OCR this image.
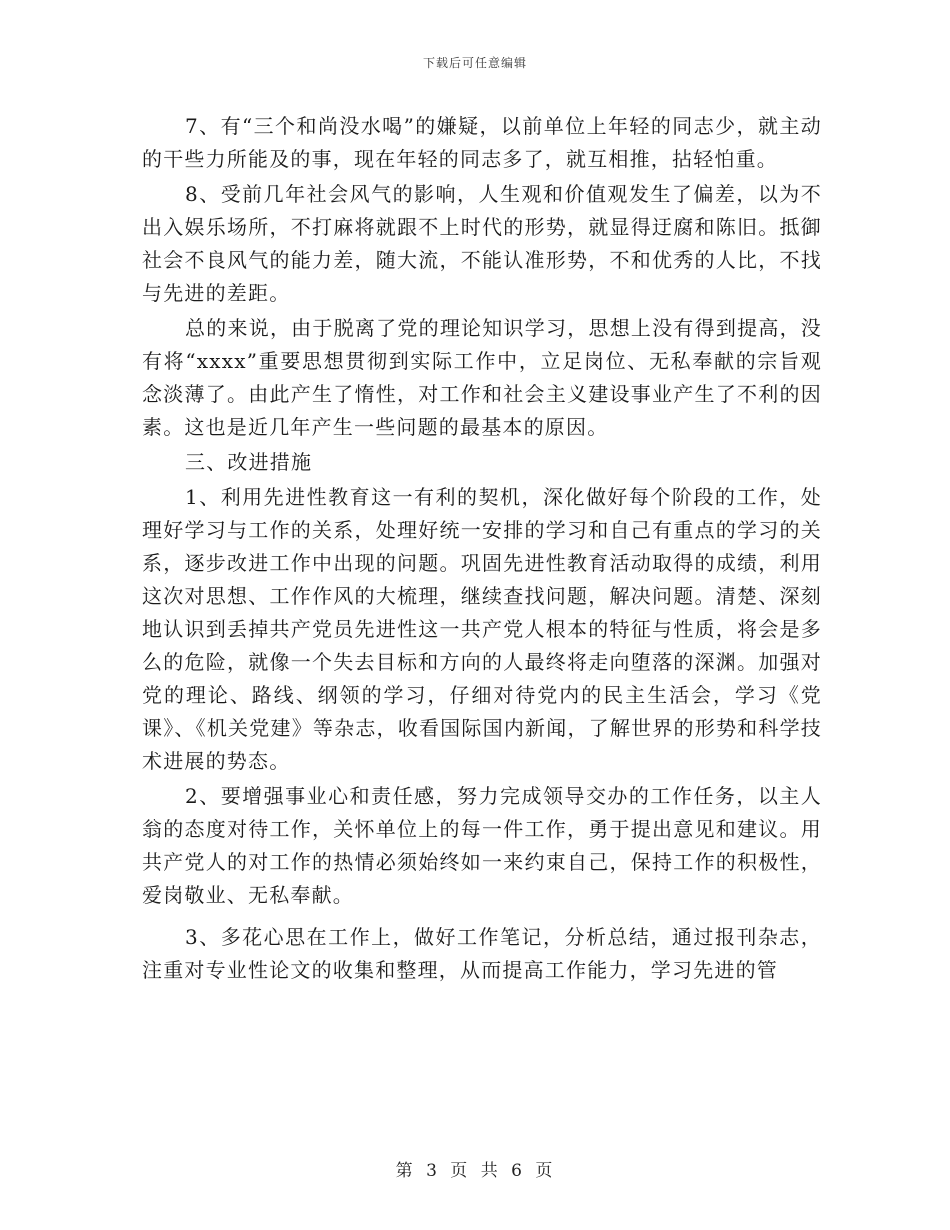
下载后可任意编辑

7、有“三个和尚没水喝”的嫌疑，以前单位上年轻的同志少，就主动的干些力所能及的事，现在年轻的同志多了，就互相推，拈轻怕重。

8、受前几年社会风气的影响，人生观和价值观发生了偏差，以为不出入娱乐场所，不打麻将就跟不上时代的形势，就显得迂腐和陈旧。抵御社会不良风气的能力差，随大流，不能认准形势，不和优秀的人比，不找与先进的差距。

总的来说，由于脱离了党的理论知识学习，思想上没有得到提高，没有将“xxxx”重要思想贯彻到实际工作中，立足岗位、无私奉献的宗旨观念淡薄了。由此产生了惰性，对工作和社会主义建设事业产生了不利的因素。这也是近几年产生一些问题的最基本的原因。

三、改进措施

1、利用先进性教育这一有利的契机，深化做好每个阶段的工作，处理好学习与工作的关系，处理好统一安排的学习和自己有重点的学习的关系，逐步改进工作中出现的问题。巩固先进性教育活动取得的成绩，利用这次对思想、工作作风的大梳理，继续查找问题，解决问题。清楚、深刻地认识到丢掉共产党员先进性这一共产党人根本的特征与性质，将会是多么的危险，就像一个失去目标和方向的人最终将走向堕落的深渊。加强对党的理论、路线、纲领的学习，仔细对待党内的民主生活会，学习《党课》、《机关党建》等杂志，收看国际国内新闻，了解世界的形势和科学技术进展的势态。

2、要增强事业心和责任感，努力完成领导交办的工作任务，以主人翁的态度对待工作，关怀单位上的每一件工作，勇于提出意见和建议。用共产党人的对工作的热情必须始终如一来约束自己，保持工作的积极性，爱岗敬业、无私奉献。

3、多花心思在工作上，做好工作笔记，分析总结，通过报刊杂志，注重对专业性论文的收集和整理，从而提高工作能力，学习先进的管

第 3 页 共 6 页
